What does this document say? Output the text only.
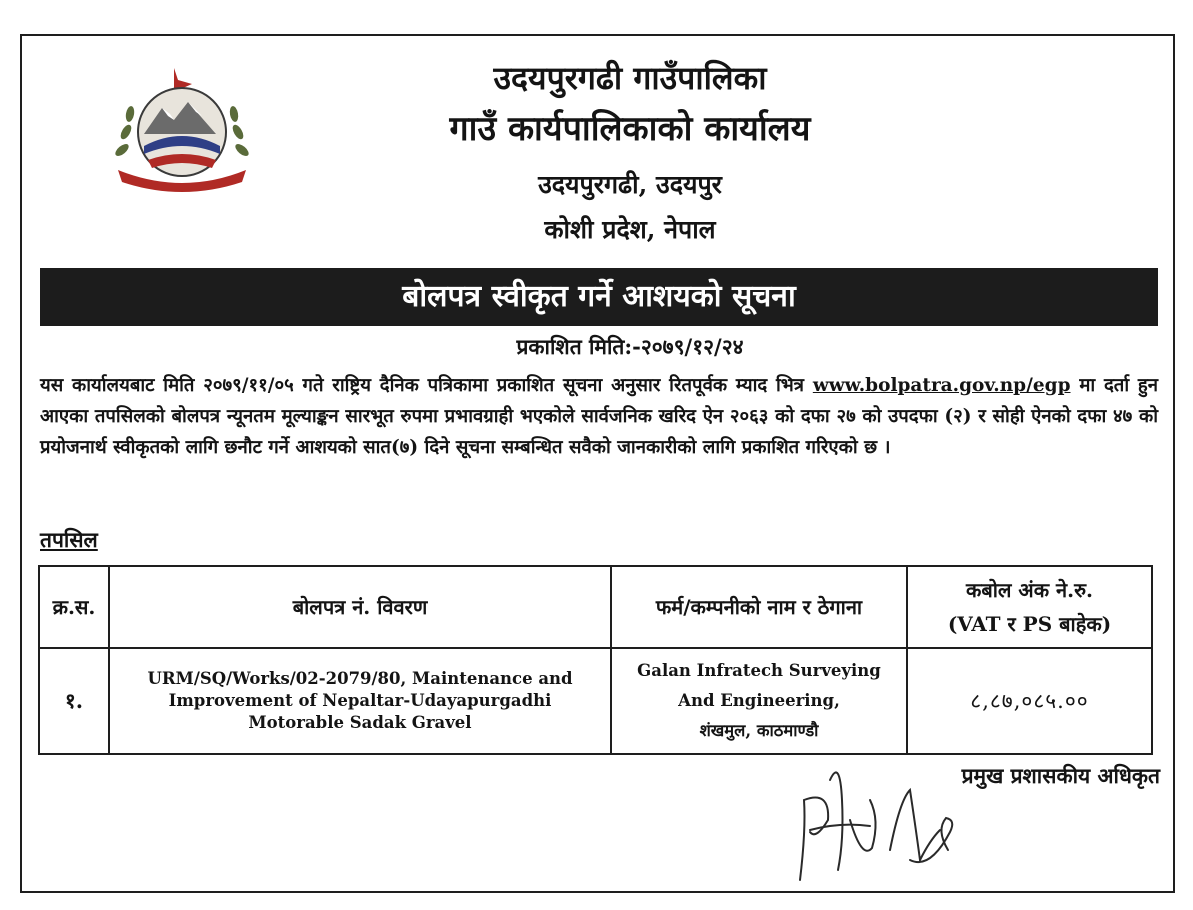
उदयपुरगढी गाउँपालिका
गाउँ कार्यपालिकाको कार्यालय
उदयपुरगढी, उदयपुर
कोशी प्रदेश, नेपाल
बोलपत्र स्वीकृत गर्ने आशयको सूचना
प्रकाशित मिति:-२०७९/१२/२४
यस कार्यालयबाट मिति २०७९/११/०५ गते राष्ट्रिय दैनिक पत्रिकामा प्रकाशित सूचना अनुसार रितपूर्वक म्याद भित्र www.bolpatra.gov.np/egp मा दर्ता हुन आएका तपसिलको बोलपत्र न्यूनतम मूल्याङ्कन सारभूत रुपमा प्रभावग्राही भएकोले सार्वजनिक खरिद ऐन २०६३ को दफा २७ को उपदफा (२) र सोही ऐनको दफा ४७ को प्रयोजनार्थ स्वीकृतको लागि छनौट गर्ने आशयको सात(७) दिने सूचना सम्बन्धित सवैको जानकारीको लागि प्रकाशित गरिएको छ ।
तपसिल
क्र.स.	बोलपत्र नं. विवरण	फर्म/कम्पनीको नाम र ठेगाना	कबोल अंक ने.रु.
(VAT र PS बाहेक)

१.	URM/SQ/Works/02-2079/80, Maintenance and Improvement of Nepaltar-Udayapurgadhi Motorable Sadak Gravel	Galan Infratech Surveying And Engineering,
शंखमुल, काठमाण्डौ	८,८७,०८५.००
प्रमुख प्रशासकीय अधिकृत
